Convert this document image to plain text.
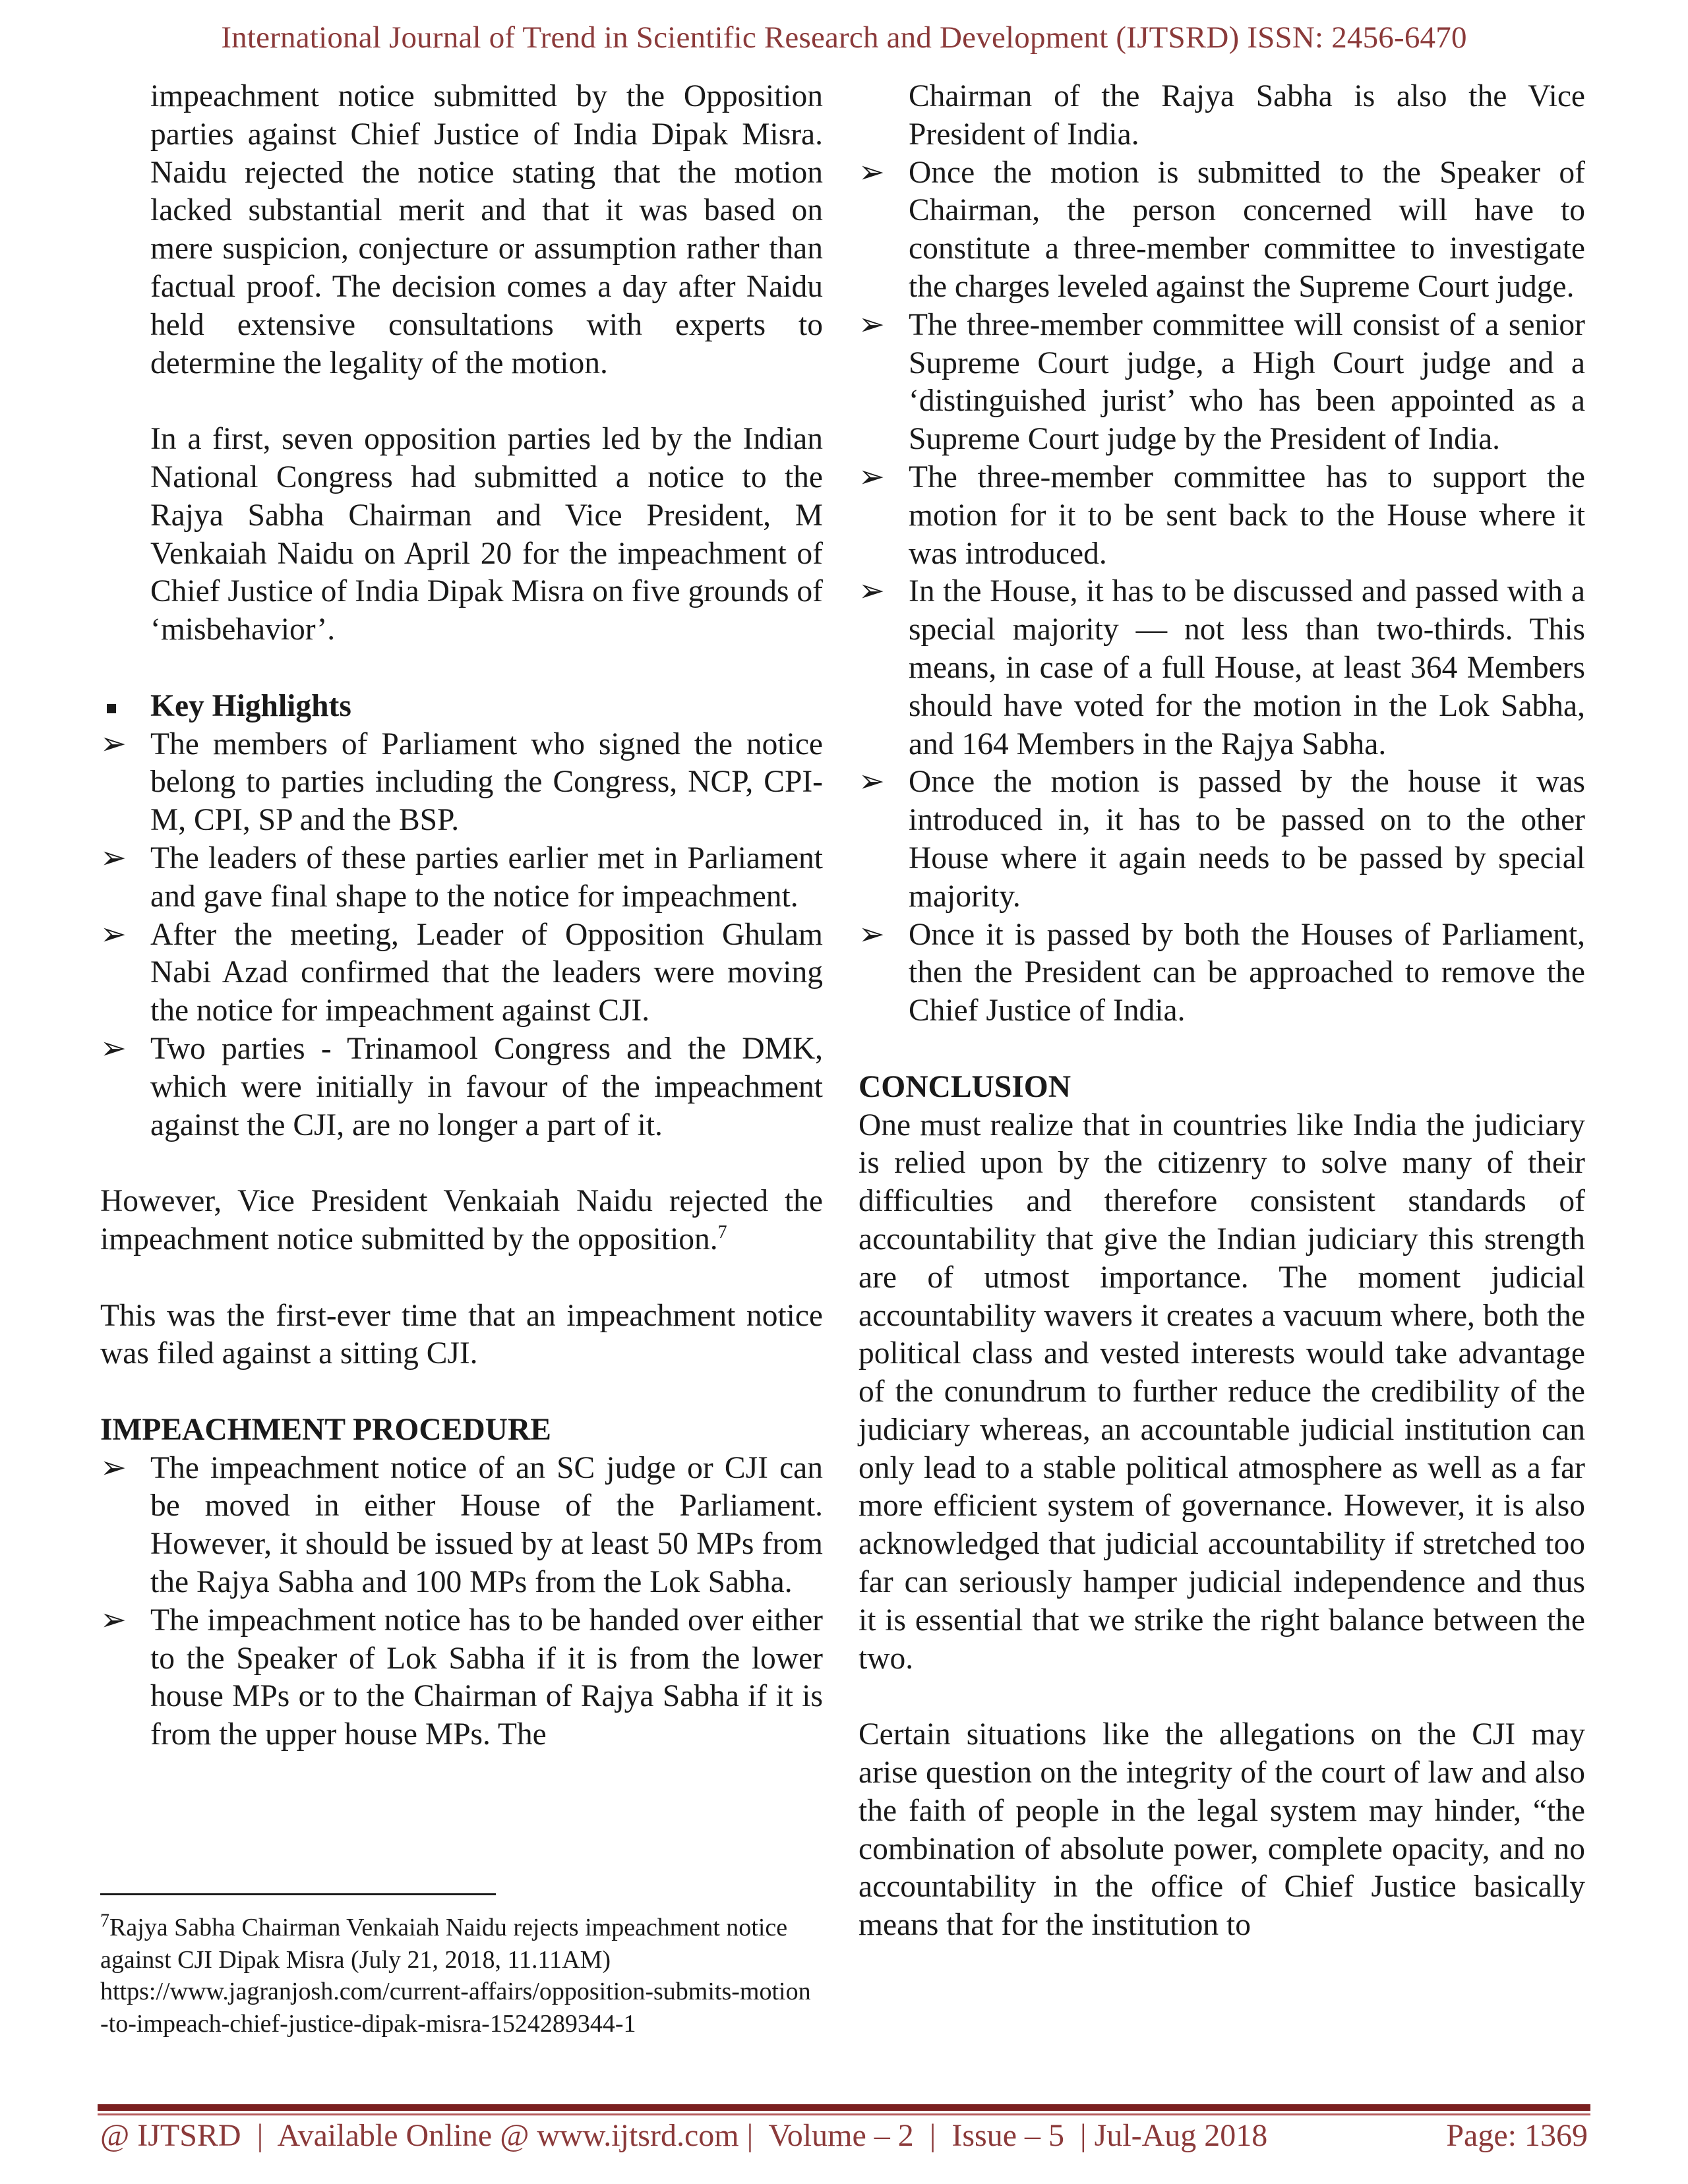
International Journal of Trend in Scientific Research and Development (IJTSRD) ISSN: 2456-6470

impeachment notice submitted by the Opposition parties against Chief Justice of India Dipak Misra. Naidu rejected the notice stating that the motion lacked substantial merit and that it was based on mere suspicion, conjecture or assumption rather than factual proof. The decision comes a day after Naidu held extensive consultations with experts to determine the legality of the motion.

In a first, seven opposition parties led by the Indian National Congress had submitted a notice to the Rajya Sabha Chairman and Vice President, M Venkaiah Naidu on April 20 for the impeachment of Chief Justice of India Dipak Misra on five grounds of ‘misbehavior’.

Key Highlights
➢ The members of Parliament who signed the notice belong to parties including the Congress, NCP, CPI-M, CPI, SP and the BSP.
➢ The leaders of these parties earlier met in Parliament and gave final shape to the notice for impeachment.
➢ After the meeting, Leader of Opposition Ghulam Nabi Azad confirmed that the leaders were moving the notice for impeachment against CJI.
➢ Two parties - Trinamool Congress and the DMK, which were initially in favour of the impeachment against the CJI, are no longer a part of it.

However, Vice President Venkaiah Naidu rejected the impeachment notice submitted by the opposition.$^7$

This was the first-ever time that an impeachment notice was filed against a sitting CJI.

IMPEACHMENT PROCEDURE

➢ The impeachment notice of an SC judge or CJI can be moved in either House of the Parliament. However, it should be issued by at least 50 MPs from the Rajya Sabha and 100 MPs from the Lok Sabha.
➢ The impeachment notice has to be handed over either to the Speaker of Lok Sabha if it is from the lower house MPs or to the Chairman of Rajya Sabha if it is from the upper house MPs. The

Chairman of the Rajya Sabha is also the Vice President of India.

➢ Once the motion is submitted to the Speaker of Chairman, the person concerned will have to constitute a three-member committee to investigate the charges leveled against the Supreme Court judge.
➢ The three-member committee will consist of a senior Supreme Court judge, a High Court judge and a ‘distinguished jurist’ who has been appointed as a Supreme Court judge by the President of India.
➢ The three-member committee has to support the motion for it to be sent back to the House where it was introduced.
➢ In the House, it has to be discussed and passed with a special majority — not less than two-thirds. This means, in case of a full House, at least 364 Members should have voted for the motion in the Lok Sabha, and 164 Members in the Rajya Sabha.
➢ Once the motion is passed by the house it was introduced in, it has to be passed on to the other House where it again needs to be passed by special majority.
➢ Once it is passed by both the Houses of Parliament, then the President can be approached to remove the Chief Justice of India.

CONCLUSION

One must realize that in countries like India the judiciary is relied upon by the citizenry to solve many of their difficulties and therefore consistent standards of accountability that give the Indian judiciary this strength are of utmost importance. The moment judicial accountability wavers it creates a vacuum where, both the political class and vested interests would take advantage of the conundrum to further reduce the credibility of the judiciary whereas, an accountable judicial institution can only lead to a stable political atmosphere as well as a far more efficient system of governance. However, it is also acknowledged that judicial accountability if stretched too far can seriously hamper judicial independence and thus it is essential that we strike the right balance between the two.

Certain situations like the allegations on the CJI may arise question on the integrity of the court of law and also the faith of people in the legal system may hinder, “the combination of absolute power, complete opacity, and no accountability in the office of Chief Justice basically means that for the institution to

$^7$Rajya Sabha Chairman Venkaiah Naidu rejects impeachment notice against CJI Dipak Misra (July 21, 2018, 11.11AM)

https://www.jagranjosh.com/current-affairs/opposition-submits-motion-to-impeach-chief-justice-dipak-misra-1524289344-1

@ IJTSRD  |  Available Online @ www.ijtsrd.com |  Volume – 2  |  Issue – 5  | Jul-Aug 2018	Page: 1369
